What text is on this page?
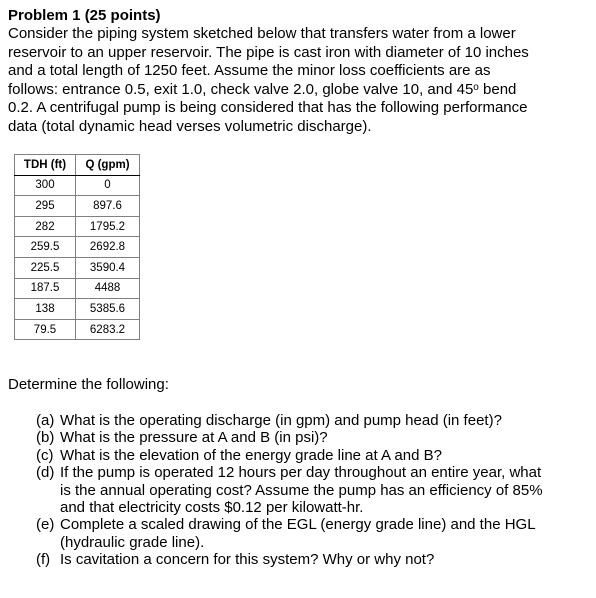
Problem 1 (25 points)
Consider the piping system sketched below that transfers water from a lower
reservoir to an upper reservoir. The pipe is cast iron with diameter of 10 inches
and a total length of 1250 feet. Assume the minor loss coefficients are as
follows: entrance 0.5, exit 1.0, check valve 2.0, globe valve 10, and 45$^o$ bend
0.2. A centrifugal pump is being considered that has the following performance
data (total dynamic head verses volumetric discharge).
TDH (ft)	Q (gpm)
300	0
295	897.6
282	1795.2
259.5	2692.8
225.5	3590.4
187.5	4488
138	5385.6
79.5	6283.2
Determine the following:
(a) What is the operating discharge (in gpm) and pump head (in feet)?
(b) What is the pressure at A and B (in psi)?
(c) What is the elevation of the energy grade line at A and B?
(d) If the pump is operated 12 hours per day throughout an entire year, what
is the annual operating cost? Assume the pump has an efficiency of 85%
and that electricity costs $0.12 per kilowatt-hr.
(e) Complete a scaled drawing of the EGL (energy grade line) and the HGL
(hydraulic grade line).
(f) Is cavitation a concern for this system? Why or why not?
